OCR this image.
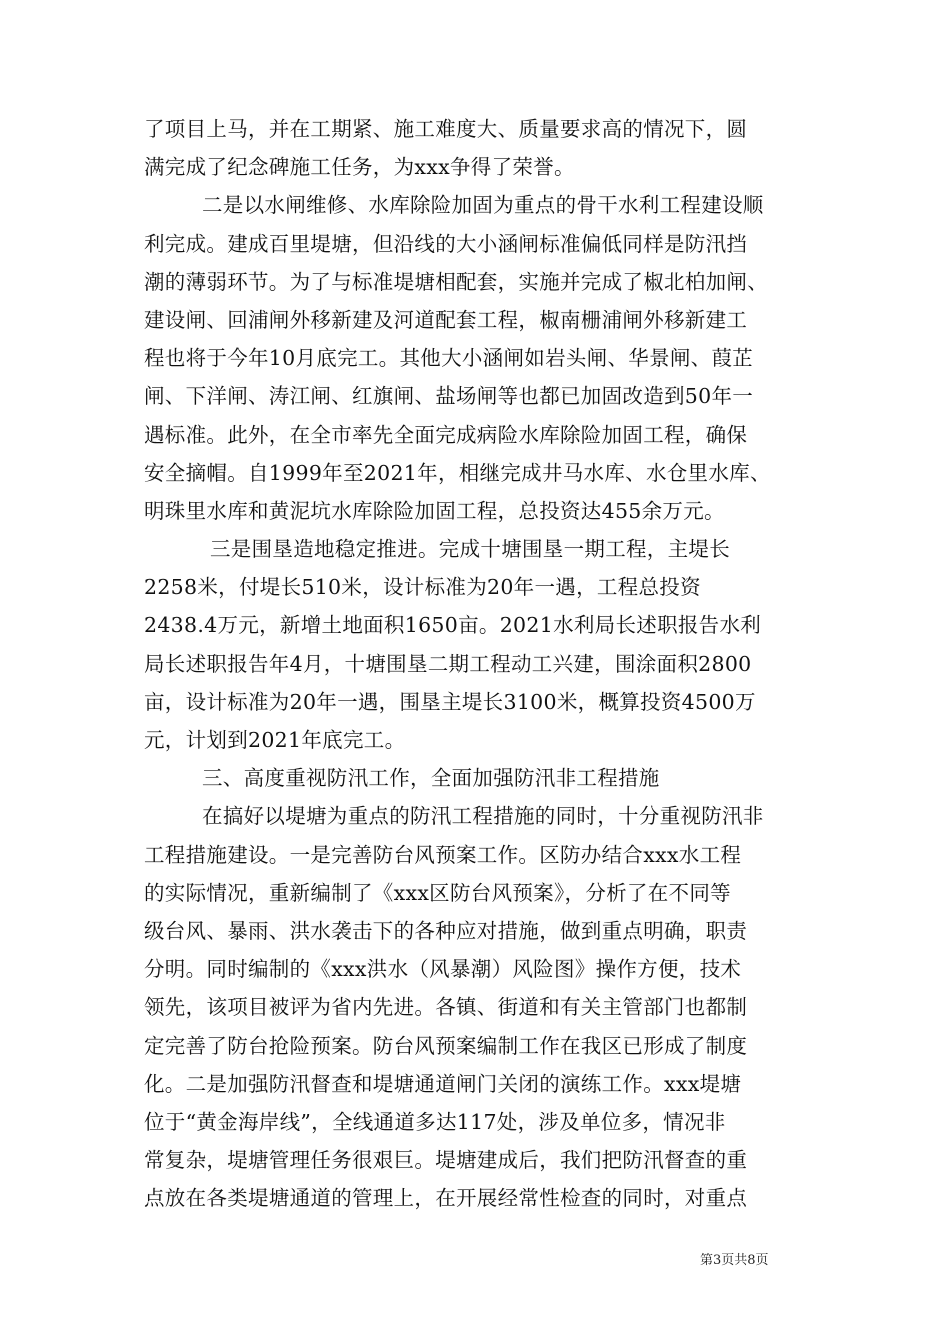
了项目上马，并在工期紧、施工难度大、质量要求高的情况下，圆
满完成了纪念碑施工任务，为xxx争得了荣誉。
二是以水闸维修、水库除险加固为重点的骨干水利工程建设顺
利完成。建成百里堤塘，但沿线的大小涵闸标准偏低同样是防汛挡
潮的薄弱环节。为了与标准堤塘相配套，实施并完成了椒北柏加闸、
建设闸、回浦闸外移新建及河道配套工程，椒南栅浦闸外移新建工
程也将于今年10月底完工。其他大小涵闸如岩头闸、华景闸、葭芷
闸、下洋闸、涛江闸、红旗闸、盐场闸等也都已加固改造到50年一
遇标准。此外，在全市率先全面完成病险水库除险加固工程，确保
安全摘帽。自1999年至2021年，相继完成井马水库、水仓里水库、
明珠里水库和黄泥坑水库除险加固工程，总投资达455余万元。
三是围垦造地稳定推进。完成十塘围垦一期工程，主堤长
2258米，付堤长510米，设计标准为20年一遇，工程总投资
2438.4万元，新增土地面积1650亩。2021水利局长述职报告水利
局长述职报告年4月，十塘围垦二期工程动工兴建，围涂面积2800
亩，设计标准为20年一遇，围垦主堤长3100米，概算投资4500万
元，计划到2021年底完工。
三、高度重视防汛工作，全面加强防汛非工程措施
在搞好以堤塘为重点的防汛工程措施的同时，十分重视防汛非
工程措施建设。一是完善防台风预案工作。区防办结合xxx水工程
的实际情况，重新编制了《xxx区防台风预案》，分析了在不同等
级台风、暴雨、洪水袭击下的各种应对措施，做到重点明确，职责
分明。同时编制的《xxx洪水（风暴潮）风险图》操作方便，技术
领先，该项目被评为省内先进。各镇、街道和有关主管部门也都制
定完善了防台抢险预案。防台风预案编制工作在我区已形成了制度
化。二是加强防汛督查和堤塘通道闸门关闭的演练工作。xxx堤塘
位于“黄金海岸线”，全线通道多达117处，涉及单位多，情况非
常复杂，堤塘管理任务很艰巨。堤塘建成后，我们把防汛督查的重
点放在各类堤塘通道的管理上，在开展经常性检查的同时，对重点
第3页共8页
